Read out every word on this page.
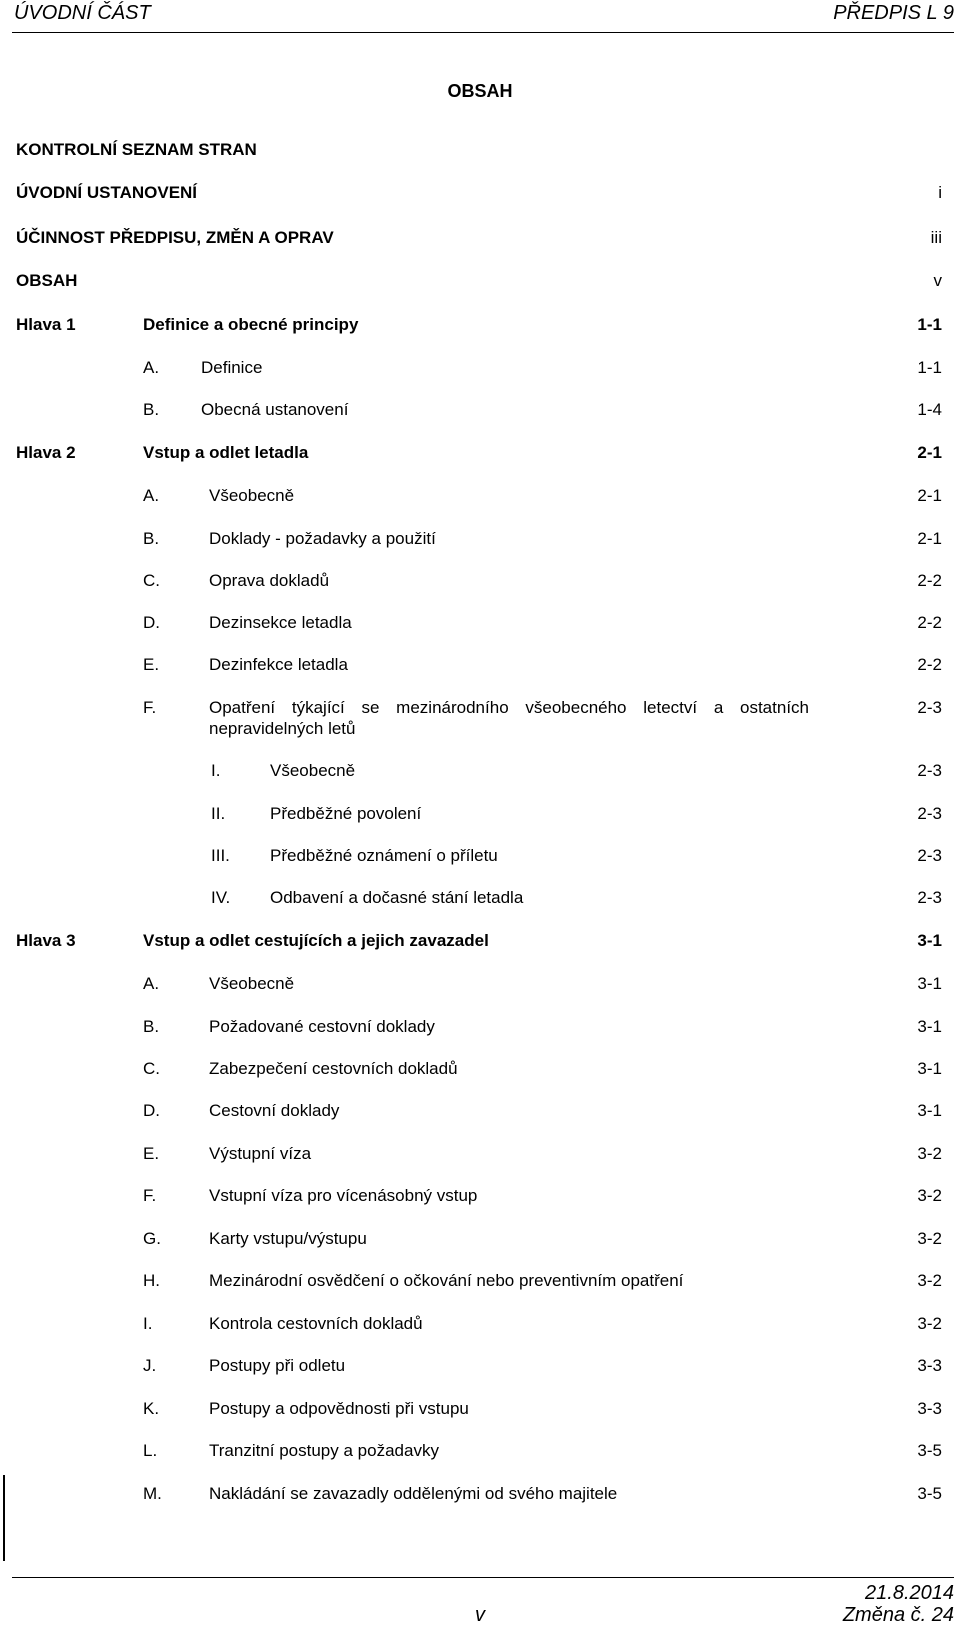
ÚVODNÍ ČÁST	PŘEDPIS L 9
OBSAH
KONTROLNÍ SEZNAM STRAN
ÚVODNÍ USTANOVENÍ	i
ÚČINNOST PŘEDPISU, ZMĚN A OPRAV	iii
OBSAH	v
Hlava 1	Definice a obecné principy	1-1
A. Definice	1-1
B. Obecná ustanovení	1-4
Hlava 2	Vstup a odlet letadla	2-1
A.	Všeobecně	2-1
B.	Doklady - požadavky a použití	2-1
C.	Oprava dokladů	2-2
D.	Dezinsekce letadla	2-2
E.	Dezinfekce letadla	2-2
F.	Opatření týkající se mezinárodního všeobecného letectví a ostatních	2-3
nepravidelných letů
I.	Všeobecně	2-3
II.	Předběžné povolení	2-3
III. Předběžné oznámení o příletu	2-3
IV. Odbavení a dočasné stání letadla	2-3
Hlava 3	Vstup a odlet cestujících a jejich zavazadel	3-1
A.	Všeobecně	3-1
B.	Požadované cestovní doklady	3-1
C.	Zabezpečení cestovních dokladů	3-1
D.	Cestovní doklady	3-1
E.	Výstupní víza	3-2
F.	Vstupní víza pro vícenásobný vstup	3-2
G.	Karty vstupu/výstupu	3-2
H.	Mezinárodní osvědčení o očkování nebo preventivním opatření	3-2
I.	Kontrola cestovních dokladů	3-2
J.	Postupy při odletu	3-3
K.	Postupy a odpovědnosti při vstupu	3-3
L.	Tranzitní postupy a požadavky	3-5
M.	Nakládání se zavazadly oddělenými od svého majitele	3-5
21.8.2014
v	Změna č. 24
